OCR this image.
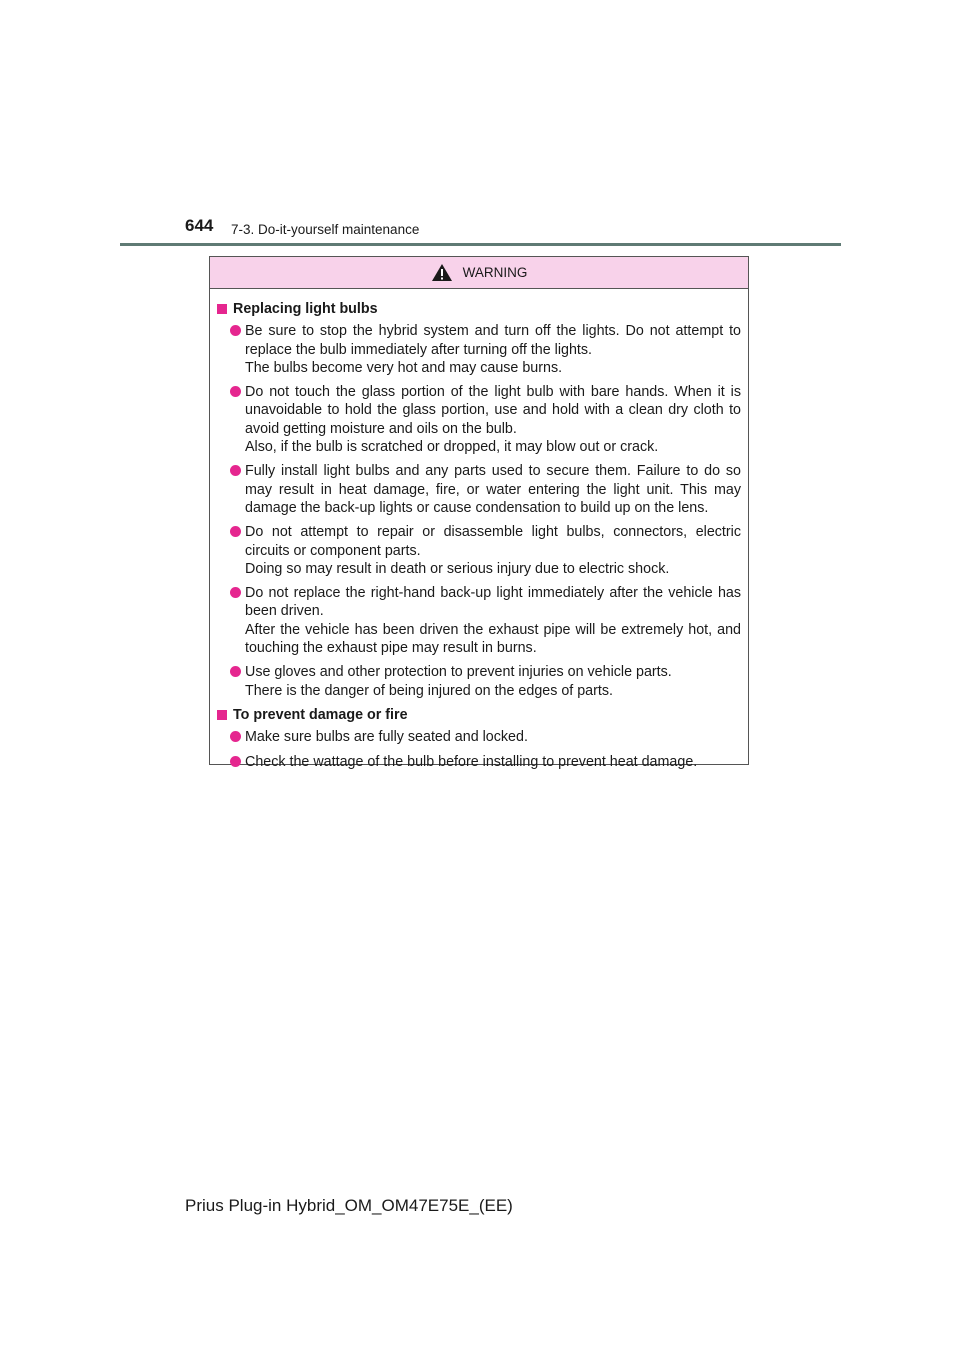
644 7-3. Do-it-yourself maintenance
WARNING
Replacing light bulbs
Be sure to stop the hybrid system and turn off the lights. Do not attempt to replace the bulb immediately after turning off the lights.
The bulbs become very hot and may cause burns.
Do not touch the glass portion of the light bulb with bare hands. When it is unavoidable to hold the glass portion, use and hold with a clean dry cloth to avoid getting moisture and oils on the bulb.
Also, if the bulb is scratched or dropped, it may blow out or crack.
Fully install light bulbs and any parts used to secure them. Failure to do so may result in heat damage, fire, or water entering the light unit. This may damage the back-up lights or cause condensation to build up on the lens.
Do not attempt to repair or disassemble light bulbs, connectors, electric circuits or component parts.
Doing so may result in death or serious injury due to electric shock.
Do not replace the right-hand back-up light immediately after the vehicle has been driven.
After the vehicle has been driven the exhaust pipe will be extremely hot, and touching the exhaust pipe may result in burns.
Use gloves and other protection to prevent injuries on vehicle parts.
There is the danger of being injured on the edges of parts.
To prevent damage or fire
Make sure bulbs are fully seated and locked.
Check the wattage of the bulb before installing to prevent heat damage.
Prius Plug-in Hybrid_OM_OM47E75E_(EE)
